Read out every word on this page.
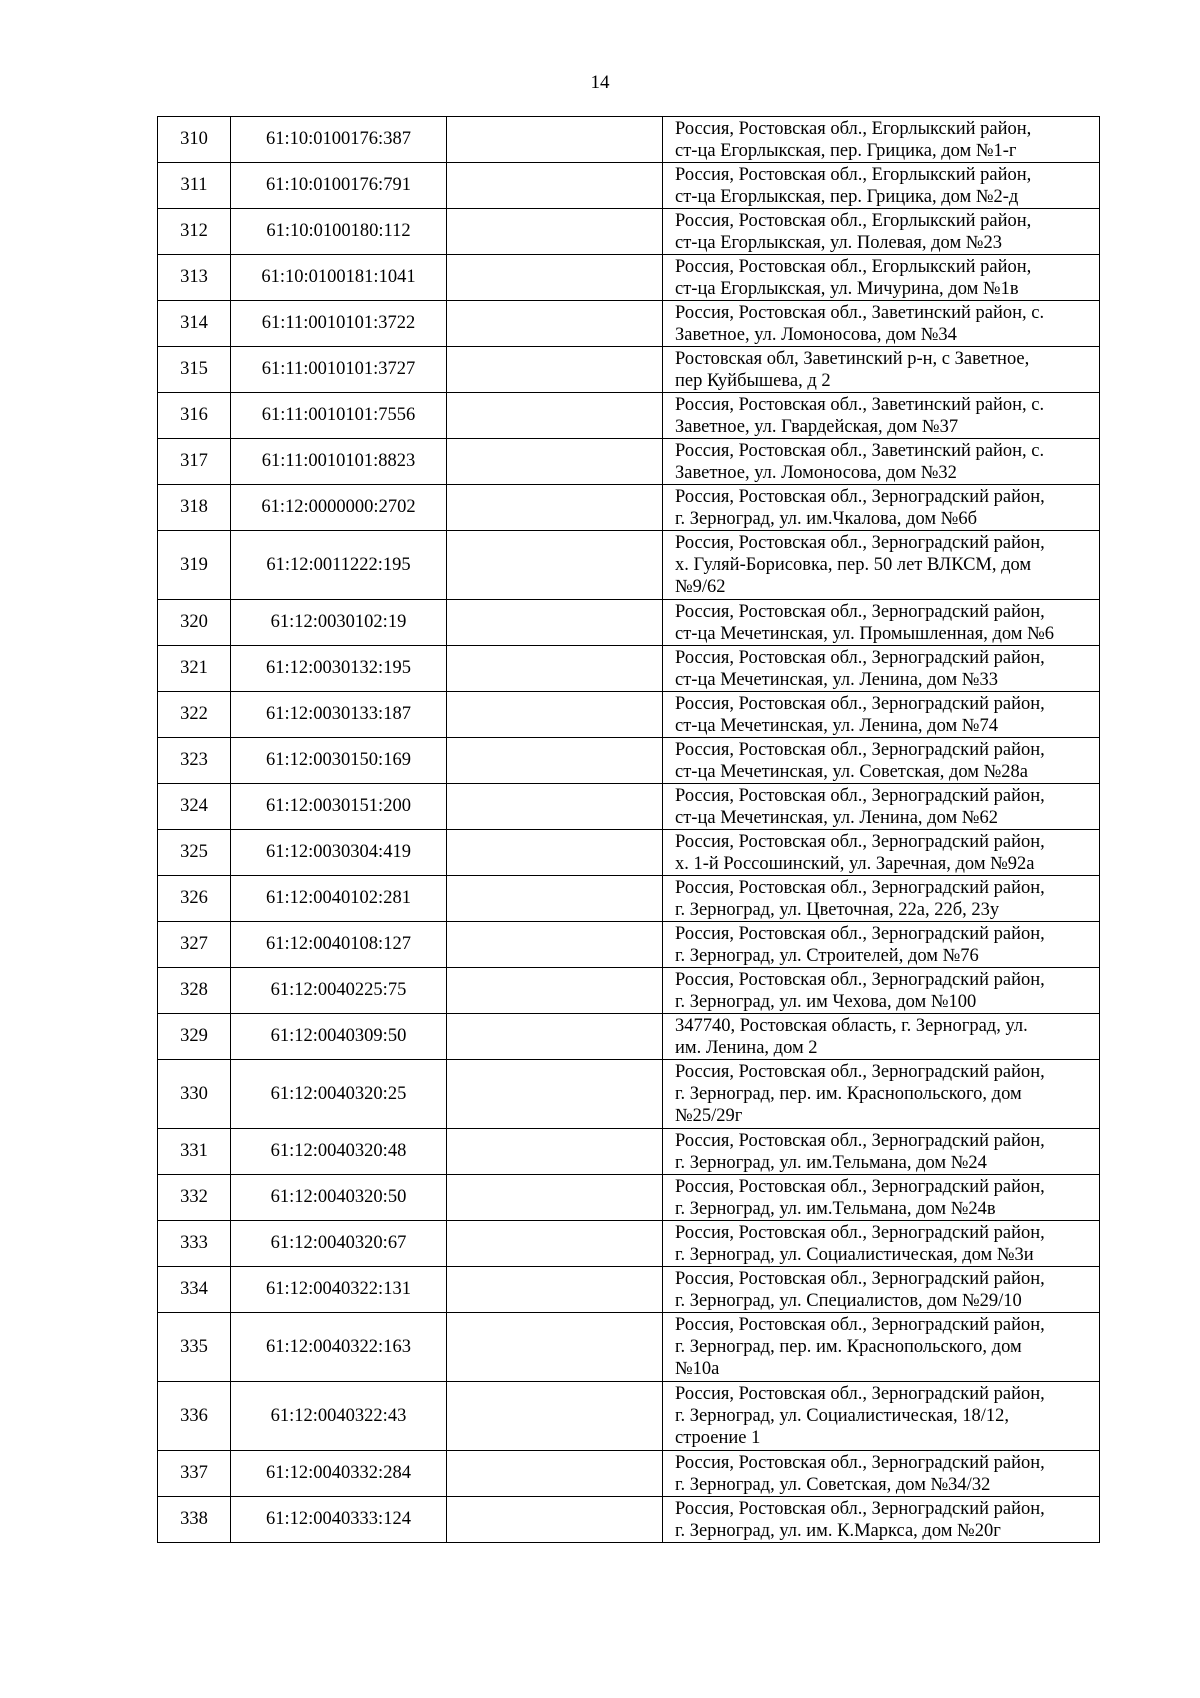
14
310	61:10:0100176:387		Россия, Ростовская обл., Егорлыкский район,
ст-ца Егорлыкская, пер. Грицика, дом №1-г

311	61:10:0100176:791		Россия, Ростовская обл., Егорлыкский район,
ст-ца Егорлыкская, пер. Грицика, дом №2-д

312	61:10:0100180:112		Россия, Ростовская обл., Егорлыкский район,
ст-ца Егорлыкская, ул. Полевая, дом №23

313	61:10:0100181:1041		Россия, Ростовская обл., Егорлыкский район,
ст-ца Егорлыкская, ул. Мичурина, дом №1в

314	61:11:0010101:3722		Россия, Ростовская обл., Заветинский район, с.
Заветное, ул. Ломоносова, дом №34

315	61:11:0010101:3727		Ростовская обл, Заветинский р-н, с Заветное,
пер Куйбышева, д 2

316	61:11:0010101:7556		Россия, Ростовская обл., Заветинский район, с.
Заветное, ул. Гвардейская, дом №37

317	61:11:0010101:8823		Россия, Ростовская обл., Заветинский район, с.
Заветное, ул. Ломоносова, дом №32

318	61:12:0000000:2702		Россия, Ростовская обл., Зерноградский район,
г. Зерноград, ул. им.Чкалова, дом №6б

319	61:12:0011222:195		Россия, Ростовская обл., Зерноградский район,
х. Гуляй-Борисовка, пер. 50 лет ВЛКСМ, дом
№9/62

320	61:12:0030102:19		Россия, Ростовская обл., Зерноградский район,
ст-ца Мечетинская, ул. Промышленная, дом №6

321	61:12:0030132:195		Россия, Ростовская обл., Зерноградский район,
ст-ца Мечетинская, ул. Ленина, дом №33

322	61:12:0030133:187		Россия, Ростовская обл., Зерноградский район,
ст-ца Мечетинская, ул. Ленина, дом №74

323	61:12:0030150:169		Россия, Ростовская обл., Зерноградский район,
ст-ца Мечетинская, ул. Советская, дом №28а

324	61:12:0030151:200		Россия, Ростовская обл., Зерноградский район,
ст-ца Мечетинская, ул. Ленина, дом №62

325	61:12:0030304:419		Россия, Ростовская обл., Зерноградский район,
х. 1-й Россошинский, ул. Заречная, дом №92а

326	61:12:0040102:281		Россия, Ростовская обл., Зерноградский район,
г. Зерноград, ул. Цветочная, 22а, 22б, 23у

327	61:12:0040108:127		Россия, Ростовская обл., Зерноградский район,
г. Зерноград, ул. Строителей, дом №76

328	61:12:0040225:75		Россия, Ростовская обл., Зерноградский район,
г. Зерноград, ул. им Чехова, дом №100

329	61:12:0040309:50		347740, Ростовская область, г. Зерноград, ул.
им. Ленина, дом 2

330	61:12:0040320:25		Россия, Ростовская обл., Зерноградский район,
г. Зерноград, пер. им. Краснопольского, дом
№25/29г

331	61:12:0040320:48		Россия, Ростовская обл., Зерноградский район,
г. Зерноград, ул. им.Тельмана, дом №24

332	61:12:0040320:50		Россия, Ростовская обл., Зерноградский район,
г. Зерноград, ул. им.Тельмана, дом №24в

333	61:12:0040320:67		Россия, Ростовская обл., Зерноградский район,
г. Зерноград, ул. Социалистическая, дом №3и

334	61:12:0040322:131		Россия, Ростовская обл., Зерноградский район,
г. Зерноград, ул. Специалистов, дом №29/10

335	61:12:0040322:163		Россия, Ростовская обл., Зерноградский район,
г. Зерноград, пер. им. Краснопольского, дом
№10а

336	61:12:0040322:43		Россия, Ростовская обл., Зерноградский район,
г. Зерноград, ул. Социалистическая, 18/12,
строение 1

337	61:12:0040332:284		Россия, Ростовская обл., Зерноградский район,
г. Зерноград, ул. Советская, дом №34/32

338	61:12:0040333:124		Россия, Ростовская обл., Зерноградский район,
г. Зерноград, ул. им. К.Маркса, дом №20г
